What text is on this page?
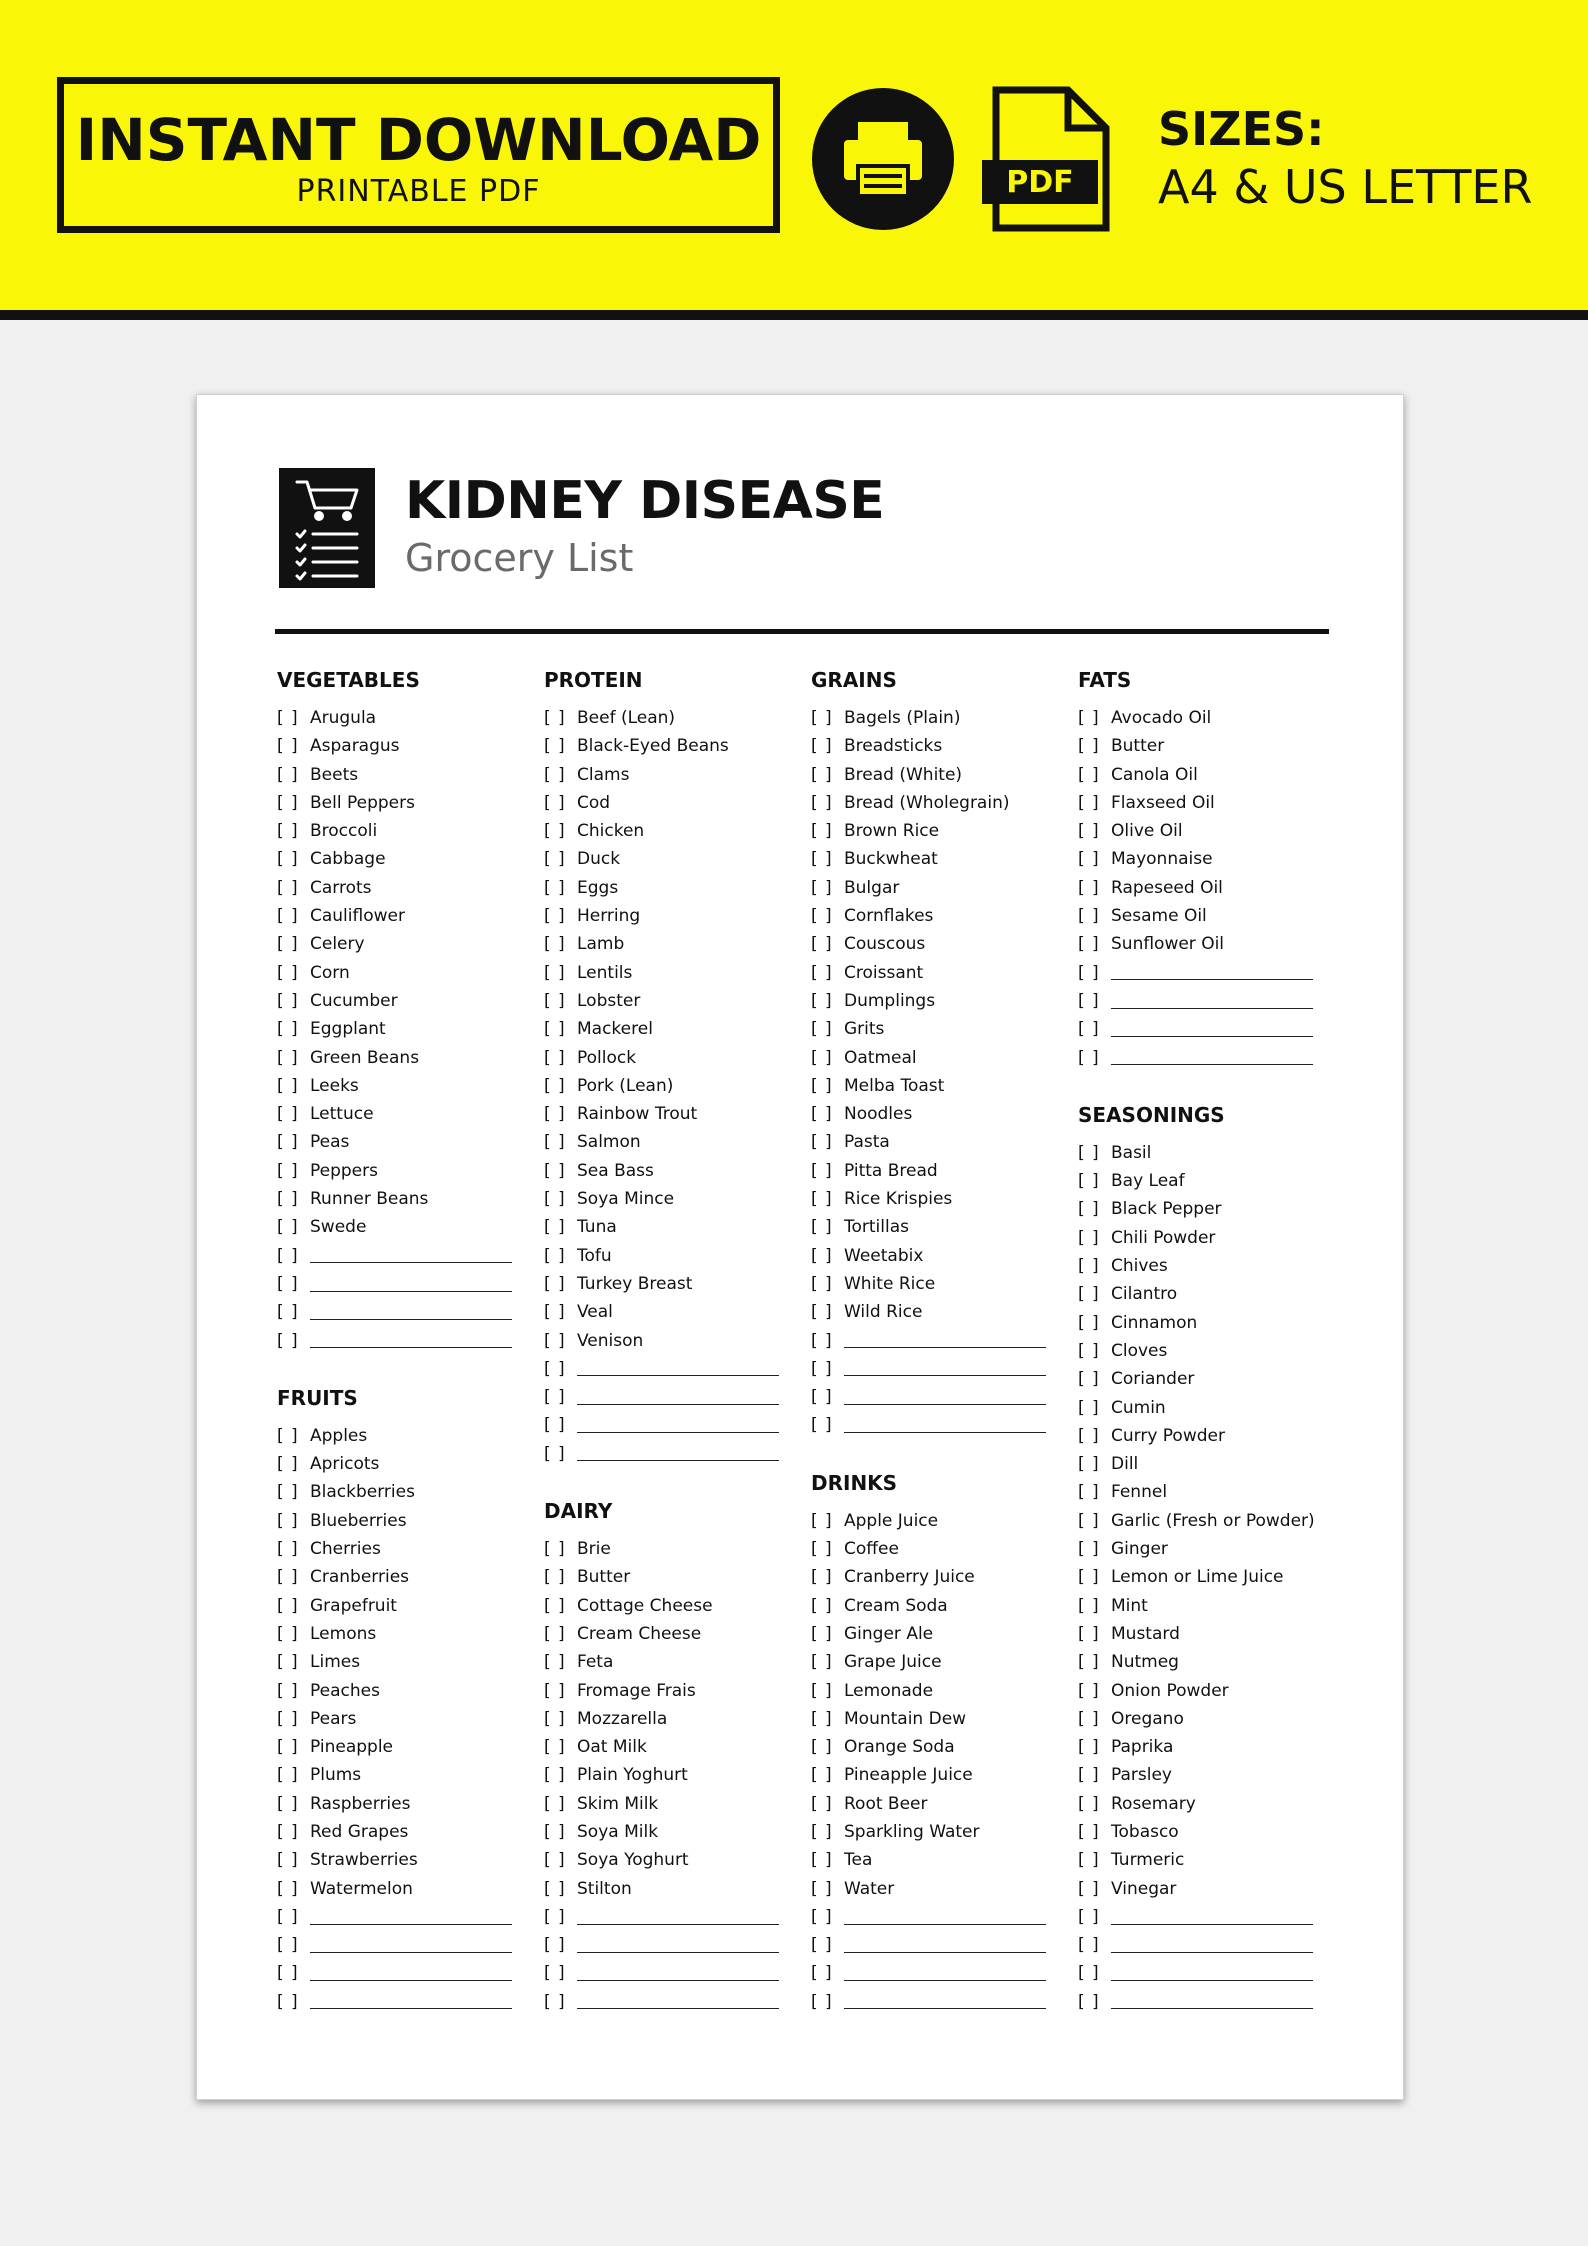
INSTANT DOWNLOAD
PRINTABLE PDF	PDF
SIZES:
A4 & US LETTER
KIDNEY DISEASE
Grocery List
VEGETABLES
[ ] Arugula
[ ] Asparagus
[ ] Beets
[ ] Bell Peppers
[ ] Broccoli
[ ] Cabbage
[ ] Carrots
[ ] Cauliflower
[ ] Celery
[ ] Corn
[ ] Cucumber
[ ] Eggplant
[ ] Green Beans
[ ] Leeks
[ ] Lettuce
[ ] Peas
[ ] Peppers
[ ] Runner Beans
[ ] Swede
[ ]
[ ]
[ ]
[ ]
FRUITS
[ ] Apples
[ ] Apricots
[ ] Blackberries
[ ] Blueberries
[ ] Cherries
[ ] Cranberries
[ ] Grapefruit
[ ] Lemons
[ ] Limes
[ ] Peaches
[ ] Pears
[ ] Pineapple
[ ] Plums
[ ] Raspberries
[ ] Red Grapes
[ ] Strawberries
[ ] Watermelon
[ ]
[ ]
[ ]
[ ]
PROTEIN
[ ] Beef (Lean)
[ ] Black-Eyed Beans
[ ] Clams
[ ] Cod
[ ] Chicken
[ ] Duck
[ ] Eggs
[ ] Herring
[ ] Lamb
[ ] Lentils
[ ] Lobster
[ ] Mackerel
[ ] Pollock
[ ] Pork (Lean)
[ ] Rainbow Trout
[ ] Salmon
[ ] Sea Bass
[ ] Soya Mince
[ ] Tuna
[ ] Tofu
[ ] Turkey Breast
[ ] Veal
[ ] Venison
[ ]
[ ]
[ ]
[ ]
DAIRY
[ ] Brie
[ ] Butter
[ ] Cottage Cheese
[ ] Cream Cheese
[ ] Feta
[ ] Fromage Frais
[ ] Mozzarella
[ ] Oat Milk
[ ] Plain Yoghurt
[ ] Skim Milk
[ ] Soya Milk
[ ] Soya Yoghurt
[ ] Stilton
[ ]
[ ]
[ ]
[ ]
GRAINS
[ ] Bagels (Plain)
[ ] Breadsticks
[ ] Bread (White)
[ ] Bread (Wholegrain)
[ ] Brown Rice
[ ] Buckwheat
[ ] Bulgar
[ ] Cornflakes
[ ] Couscous
[ ] Croissant
[ ] Dumplings
[ ] Grits
[ ] Oatmeal
[ ] Melba Toast
[ ] Noodles
[ ] Pasta
[ ] Pitta Bread
[ ] Rice Krispies
[ ] Tortillas
[ ] Weetabix
[ ] White Rice
[ ] Wild Rice
[ ]
[ ]
[ ]
[ ]
DRINKS
[ ] Apple Juice
[ ] Coffee
[ ] Cranberry Juice
[ ] Cream Soda
[ ] Ginger Ale
[ ] Grape Juice
[ ] Lemonade
[ ] Mountain Dew
[ ] Orange Soda
[ ] Pineapple Juice
[ ] Root Beer
[ ] Sparkling Water
[ ] Tea
[ ] Water
[ ]
[ ]
[ ]
[ ]
FATS
[ ] Avocado Oil
[ ] Butter
[ ] Canola Oil
[ ] Flaxseed Oil
[ ] Olive Oil
[ ] Mayonnaise
[ ] Rapeseed Oil
[ ] Sesame Oil
[ ] Sunflower Oil
[ ]
[ ]
[ ]
[ ]
SEASONINGS
[ ] Basil
[ ] Bay Leaf
[ ] Black Pepper
[ ] Chili Powder
[ ] Chives
[ ] Cilantro
[ ] Cinnamon
[ ] Cloves
[ ] Coriander
[ ] Cumin
[ ] Curry Powder
[ ] Dill
[ ] Fennel
[ ] Garlic (Fresh or Powder)
[ ] Ginger
[ ] Lemon or Lime Juice
[ ] Mint
[ ] Mustard
[ ] Nutmeg
[ ] Onion Powder
[ ] Oregano
[ ] Paprika
[ ] Parsley
[ ] Rosemary
[ ] Tobasco
[ ] Turmeric
[ ] Vinegar
[ ]
[ ]
[ ]
[ ]
